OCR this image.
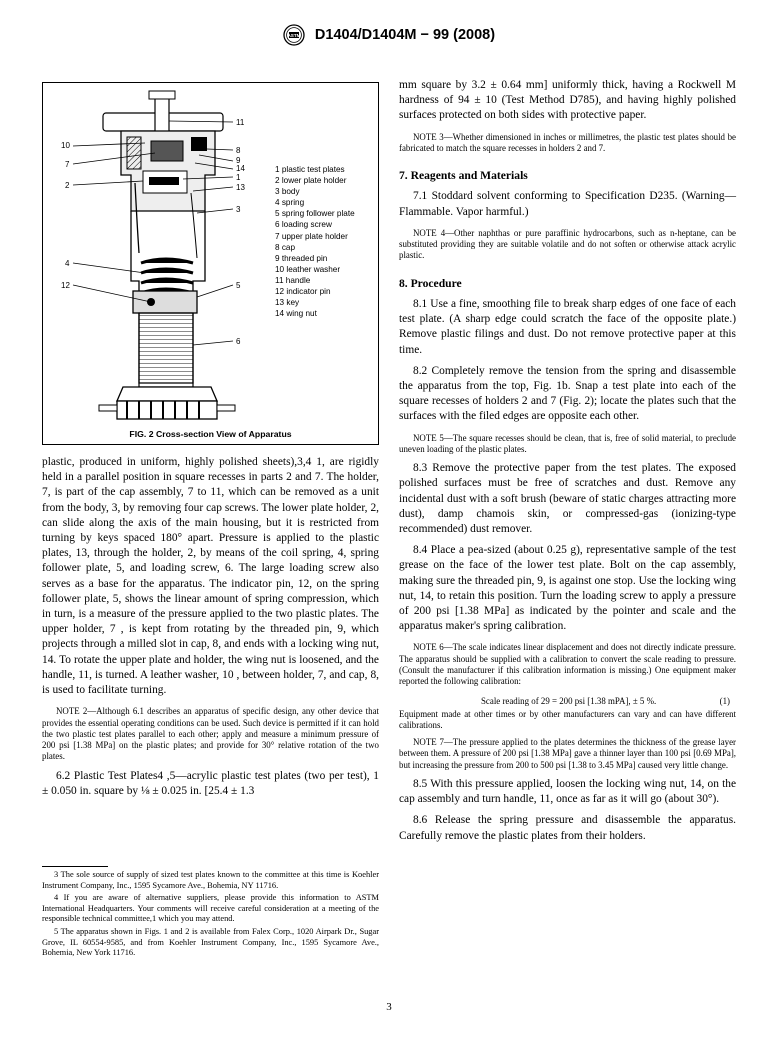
ASTM D1404/D1404M − 99 (2008)
10
7
2
4
12
11
8
9
14
1
13
3
5
6
1 plastic test plates
2 lower plate holder
3 body
4 spring
5 spring follower plate
6 loading screw
7 upper plate holder
8 cap
9 threaded pin
10 leather washer
11 handle
12 indicator pin
13 key
14 wing nut
FIG. 2 Cross-section View of Apparatus

plastic, produced in uniform, highly polished sheets),3,4 1, are rigidly held in a parallel position in square recesses in parts 2 and 7. The holder, 7, is part of the cap assembly, 7 to 11, which can be removed as a unit from the body, 3, by removing four cap screws. The lower plate holder, 2, can slide along the axis of the main housing, but it is restricted from turning by keys spaced 180° apart. Pressure is applied to the plastic plates, 13, through the holder, 2, by means of the coil spring, 4, spring follower plate, 5, and loading screw, 6. The large loading screw also serves as a base for the apparatus. The indicator pin, 12, on the spring follower plate, 5, shows the linear amount of spring compression, which in turn, is a measure of the pressure applied to the two plastic plates. The upper holder, 7 , is kept from rotating by the threaded pin, 9, which projects through a milled slot in cap, 8, and ends with a locking wing nut, 14. To rotate the upper plate and holder, the wing nut is loosened, and the handle, 11, is turned. A leather washer, 10 , between holder, 7, and cap, 8, is used to facilitate turning.

NOTE 2—Although 6.1 describes an apparatus of specific design, any other device that provides the essential operating conditions can be used. Such device is permitted if it can hold the two plastic test plates parallel to each other; apply and measure a minimum pressure of 200 psi [1.38 MPa] on the plastic plates; and provide for 30° relative rotation of the two plates.

6.2 Plastic Test Plates4 ,5—acrylic plastic test plates (two per test), 1 ± 0.050 in. square by ⅛ ± 0.025 in. [25.4 ± 1.3

3 The sole source of supply of sized test plates known to the committee at this time is Koehler Instrument Company, Inc., 1595 Sycamore Ave., Bohemia, NY 11716.

4 If you are aware of alternative suppliers, please provide this information to ASTM International Headquarters. Your comments will receive careful consideration at a meeting of the responsible technical committee,1 which you may attend.

5 The apparatus shown in Figs. 1 and 2 is available from Falex Corp., 1020 Airpark Dr., Sugar Grove, IL 60554-9585, and from Koehler Instrument Company, Inc., 1595 Sycamore Ave., Bohemia, New York 11716.

mm square by 3.2 ± 0.64 mm] uniformly thick, having a Rockwell M hardness of 94 ± 10 (Test Method D785), and having highly polished surfaces protected on both sides with protective paper.

NOTE 3—Whether dimensioned in inches or millimetres, the plastic test plates should be fabricated to match the square recesses in holders 2 and 7.

7. Reagents and Materials

7.1 Stoddard solvent conforming to Specification D235. (Warning—Flammable. Vapor harmful.)

NOTE 4—Other naphthas or pure paraffinic hydrocarbons, such as n-heptane, can be substituted providing they are suitable volatile and do not soften or otherwise attack acrylic plastic.

8. Procedure

8.1 Use a fine, smoothing file to break sharp edges of one face of each test plate. (A sharp edge could scratch the face of the opposite plate.) Remove plastic filings and dust. Do not remove protective paper at this time.

8.2 Completely remove the tension from the spring and disassemble the apparatus from the top, Fig. 1b. Snap a test plate into each of the square recesses of holders 2 and 7 (Fig. 2); locate the plates such that the surfaces with the filed edges are opposite each other.

NOTE 5—The square recesses should be clean, that is, free of solid material, to preclude uneven loading of the plastic plates.

8.3 Remove the protective paper from the test plates. The exposed polished surfaces must be free of scratches and dust. Remove any incidental dust with a soft brush (beware of static charges attracting more dust), damp chamois skin, or compressed-gas (ionizing-type recommended) dust remover.

8.4 Place a pea-sized (about 0.25 g), representative sample of the test grease on the face of the lower test plate. Bolt on the cap assembly, making sure the threaded pin, 9, is against one stop. Use the locking wing nut, 14, to retain this position. Turn the loading screw to apply a pressure of 200 psi [1.38 MPa] as indicated by the pointer and scale and the apparatus maker's spring calibration.

NOTE 6—The scale indicates linear displacement and does not directly indicate pressure. The apparatus should be supplied with a calibration to convert the scale reading to pressure. (Consult the manufacturer if this calibration information is missing.) One equipment maker reported the following calibration:

Scale reading of 29 = 200 psi [1.38 mPA], ± 5 %.	(1)

Equipment made at other times or by other manufacturers can vary and can have different calibrations.

NOTE 7—The pressure applied to the plates determines the thickness of the grease layer between them. A pressure of 200 psi [1.38 MPa] gave a thinner layer than 100 psi [0.69 MPa], but increasing the pressure from 200 to 500 psi [1.38 to 3.45 MPa] caused very little change.

8.5 With this pressure applied, loosen the locking wing nut, 14, on the cap assembly and turn handle, 11, once as far as it will go (about 30°).

8.6 Release the spring pressure and disassemble the apparatus. Carefully remove the plastic plates from their holders.

3
